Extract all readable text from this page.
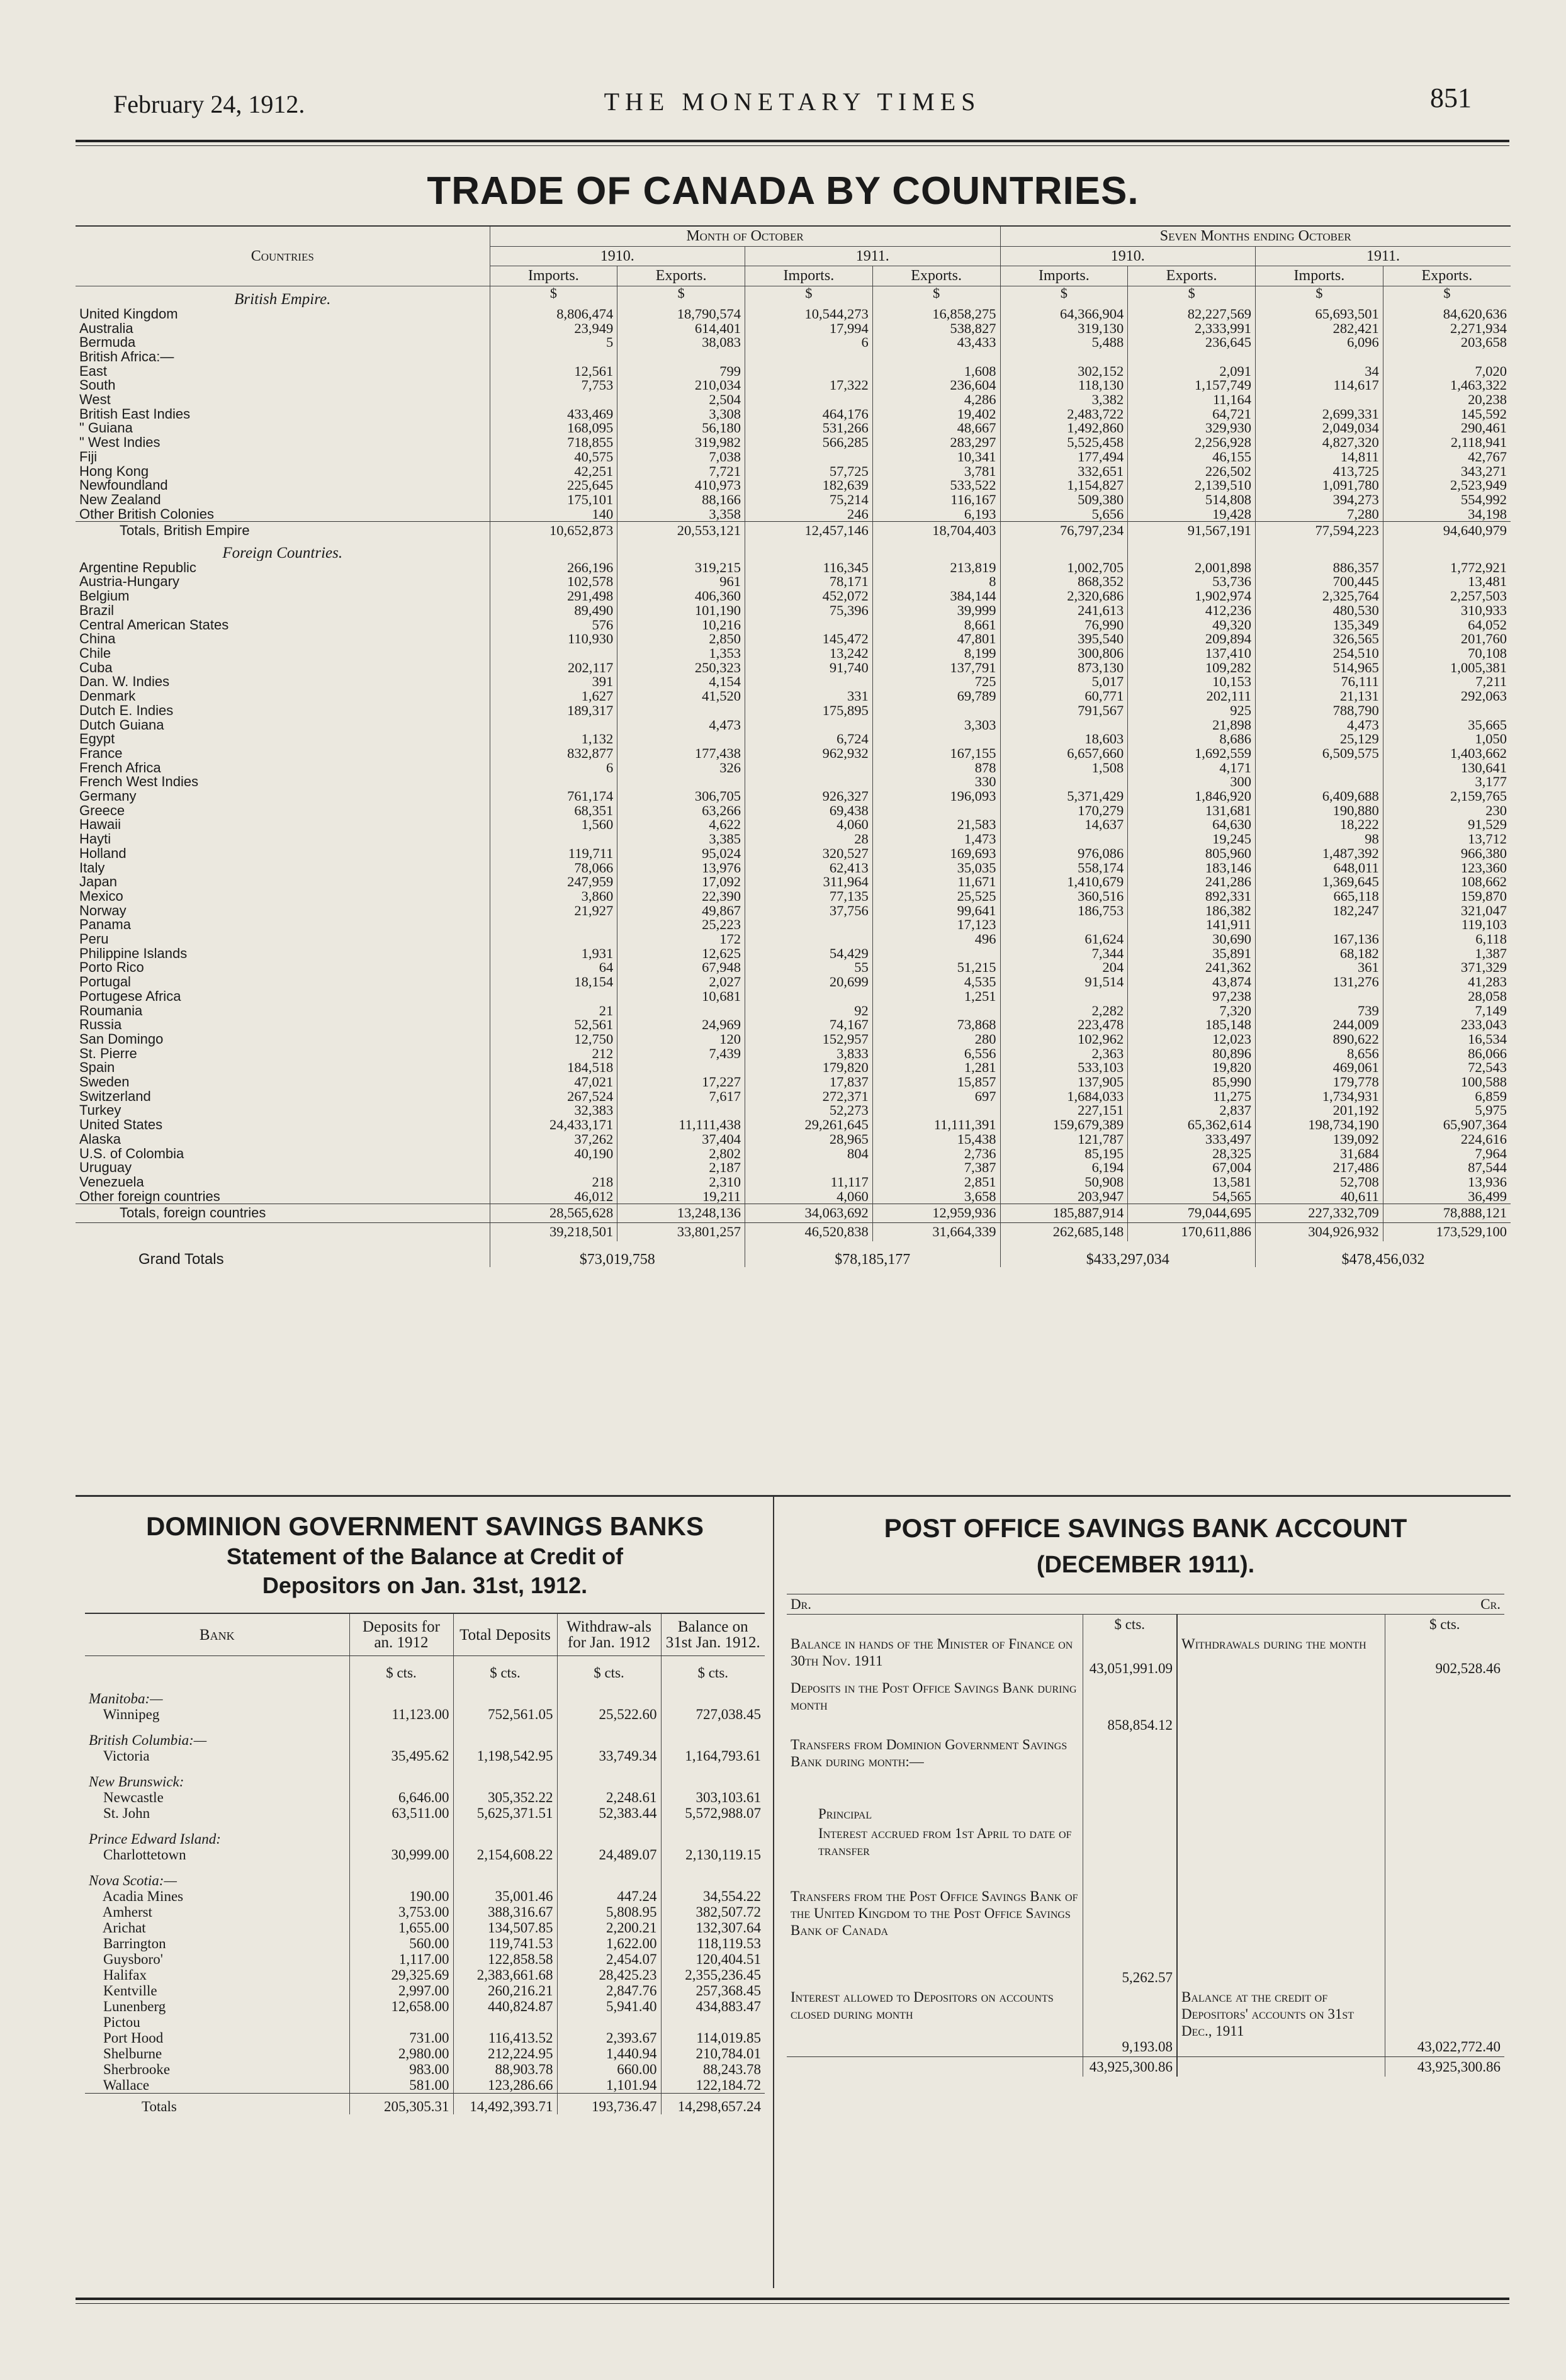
February 24, 1912.	THE MONETARY TIMES	851
TRADE OF CANADA BY COUNTRIES.
Countries	Month of October				Seven Months ending October			
	1910.		1911.		1910.		1911.	
	Imports.	Exports.	Imports.	Exports.	Imports.	Exports.	Imports.	Exports.
British Empire.	$	$	$	$	$	$	$	$
United Kingdom	8,806,474	18,790,574	10,544,273	16,858,275	64,366,904	82,227,569	65,693,501	84,620,636
Australia	23,949	614,401	17,994	538,827	319,130	2,333,991	282,421	2,271,934
Bermuda	5	38,083	6	43,433	5,488	236,645	6,096	203,658
British Africa:—								
East	12,561	799		1,608	302,152	2,091	34	7,020
South	7,753	210,034	17,322	236,604	118,130	1,157,749	114,617	1,463,322
West		2,504		4,286	3,382	11,164		20,238
British East Indies	433,469	3,308	464,176	19,402	2,483,722	64,721	2,699,331	145,592
" Guiana	168,095	56,180	531,266	48,667	1,492,860	329,930	2,049,034	290,461
" West Indies	718,855	319,982	566,285	283,297	5,525,458	2,256,928	4,827,320	2,118,941
Fiji	40,575	7,038		10,341	177,494	46,155	14,811	42,767
Hong Kong	42,251	7,721	57,725	3,781	332,651	226,502	413,725	343,271
Newfoundland	225,645	410,973	182,639	533,522	1,154,827	2,139,510	1,091,780	2,523,949
New Zealand	175,101	88,166	75,214	116,167	509,380	514,808	394,273	554,992
Other British Colonies	140	3,358	246	6,193	5,656	19,428	7,280	34,198
Totals, British Empire	10,652,873	20,553,121	12,457,146	18,704,403	76,797,234	91,567,191	77,594,223	94,640,979
Foreign Countries.								
Argentine Republic	266,196	319,215	116,345	213,819	1,002,705	2,001,898	886,357	1,772,921
Austria-Hungary	102,578	961	78,171	8	868,352	53,736	700,445	13,481
Belgium	291,498	406,360	452,072	384,144	2,320,686	1,902,974	2,325,764	2,257,503
Brazil	89,490	101,190	75,396	39,999	241,613	412,236	480,530	310,933
Central American States	576	10,216		8,661	76,990	49,320	135,349	64,052
China	110,930	2,850	145,472	47,801	395,540	209,894	326,565	201,760
Chile		1,353	13,242	8,199	300,806	137,410	254,510	70,108
Cuba	202,117	250,323	91,740	137,791	873,130	109,282	514,965	1,005,381
Dan. W. Indies	391	4,154		725	5,017	10,153	76,111	7,211
Denmark	1,627	41,520	331	69,789	60,771	202,111	21,131	292,063
Dutch E. Indies	189,317		175,895		791,567	925	788,790	
Dutch Guiana		4,473		3,303		21,898	4,473	35,665
Egypt	1,132		6,724		18,603	8,686	25,129	1,050
France	832,877	177,438	962,932	167,155	6,657,660	1,692,559	6,509,575	1,403,662
French Africa	6	326		878	1,508	4,171		130,641
French West Indies				330		300		3,177
Germany	761,174	306,705	926,327	196,093	5,371,429	1,846,920	6,409,688	2,159,765
Greece	68,351	63,266	69,438		170,279	131,681	190,880	230
Hawaii	1,560	4,622	4,060	21,583	14,637	64,630	18,222	91,529
Hayti		3,385	28	1,473		19,245	98	13,712
Holland	119,711	95,024	320,527	169,693	976,086	805,960	1,487,392	966,380
Italy	78,066	13,976	62,413	35,035	558,174	183,146	648,011	123,360
Japan	247,959	17,092	311,964	11,671	1,410,679	241,286	1,369,645	108,662
Mexico	3,860	22,390	77,135	25,525	360,516	892,331	665,118	159,870
Norway	21,927	49,867	37,756	99,641	186,753	186,382	182,247	321,047
Panama		25,223		17,123		141,911		119,103
Peru		172		496	61,624	30,690	167,136	6,118
Philippine Islands	1,931	12,625	54,429		7,344	35,891	68,182	1,387
Porto Rico	64	67,948	55	51,215	204	241,362	361	371,329
Portugal	18,154	2,027	20,699	4,535	91,514	43,874	131,276	41,283
Portugese Africa		10,681		1,251		97,238		28,058
Roumania	21		92		2,282	7,320	739	7,149
Russia	52,561	24,969	74,167	73,868	223,478	185,148	244,009	233,043
San Domingo	12,750	120	152,957	280	102,962	12,023	890,622	16,534
St. Pierre	212	7,439	3,833	6,556	2,363	80,896	8,656	86,066
Spain	184,518		179,820	1,281	533,103	19,820	469,061	72,543
Sweden	47,021	17,227	17,837	15,857	137,905	85,990	179,778	100,588
Switzerland	267,524	7,617	272,371	697	1,684,033	11,275	1,734,931	6,859
Turkey	32,383		52,273		227,151	2,837	201,192	5,975
United States	24,433,171	11,111,438	29,261,645	11,111,391	159,679,389	65,362,614	198,734,190	65,907,364
Alaska	37,262	37,404	28,965	15,438	121,787	333,497	139,092	224,616
U.S. of Colombia	40,190	2,802	804	2,736	85,195	28,325	31,684	7,964
Uruguay		2,187		7,387	6,194	67,004	217,486	87,544
Venezuela	218	2,310	11,117	2,851	50,908	13,581	52,708	13,936
Other foreign countries	46,012	19,211	4,060	3,658	203,947	54,565	40,611	36,499
Totals, foreign countries	28,565,628	13,248,136	34,063,692	12,959,936	185,887,914	79,044,695	227,332,709	78,888,121
	39,218,501	33,801,257	46,520,838	31,664,339	262,685,148	170,611,886	304,926,932	173,529,100
Grand Totals	$73,019,758		$78,185,177		$433,297,034		$478,456,032	
DOMINION GOVERNMENT SAVINGS BANKS
Statement of the Balance at Credit of
Depositors on Jan. 31st, 1912.
Bank	Deposits for an. 1912	Total Deposits	Withdraw-als for Jan. 1912	Balance on 31st Jan. 1912.
	$ cts.	$ cts.	$ cts.	$ cts.
Manitoba:—				
Winnipeg	11,123.00	752,561.05	25,522.60	727,038.45
British Columbia:—				
Victoria	35,495.62	1,198,542.95	33,749.34	1,164,793.61
New Brunswick:				
Newcastle	6,646.00	305,352.22	2,248.61	303,103.61
St. John	63,511.00	5,625,371.51	52,383.44	5,572,988.07
Prince Edward Island:				
Charlottetown	30,999.00	2,154,608.22	24,489.07	2,130,119.15
Nova Scotia:—				
Acadia Mines	190.00	35,001.46	447.24	34,554.22
Amherst	3,753.00	388,316.67	5,808.95	382,507.72
Arichat	1,655.00	134,507.85	2,200.21	132,307.64
Barrington	560.00	119,741.53	1,622.00	118,119.53
Guysboro'	1,117.00	122,858.58	2,454.07	120,404.51
Halifax	29,325.69	2,383,661.68	28,425.23	2,355,236.45
Kentville	2,997.00	260,216.21	2,847.76	257,368.45
Lunenberg	12,658.00	440,824.87	5,941.40	434,883.47
Pictou				
Port Hood	731.00	116,413.52	2,393.67	114,019.85
Shelburne	2,980.00	212,224.95	1,440.94	210,784.01
Sherbrooke	983.00	88,903.78	660.00	88,243.78
Wallace	581.00	123,286.66	1,101.94	122,184.72
Totals	205,305.31	14,492,393.71	193,736.47	14,298,657.24
POST OFFICE SAVINGS BANK ACCOUNT
(DECEMBER 1911).
Dr.			Cr.
	$ cts.		$ cts.
Balance in hands of the Minister of Finance on 30th Nov. 1911	43,051,991.09	Withdrawals during the month	902,528.46
Deposits in the Post Office Savings Bank during month	858,854.12		
Transfers from Dominion Government Savings Bank during month:—			
Principal			
Interest accrued from 1st April to date of transfer			
Transfers from the Post Office Savings Bank of the United Kingdom to the Post Office Savings Bank of Canada	5,262.57		
Interest allowed to Depositors on accounts closed during month	9,193.08	Balance at the credit of Depositors' accounts on 31st Dec., 1911	43,022,772.40
	43,925,300.86		43,925,300.86
